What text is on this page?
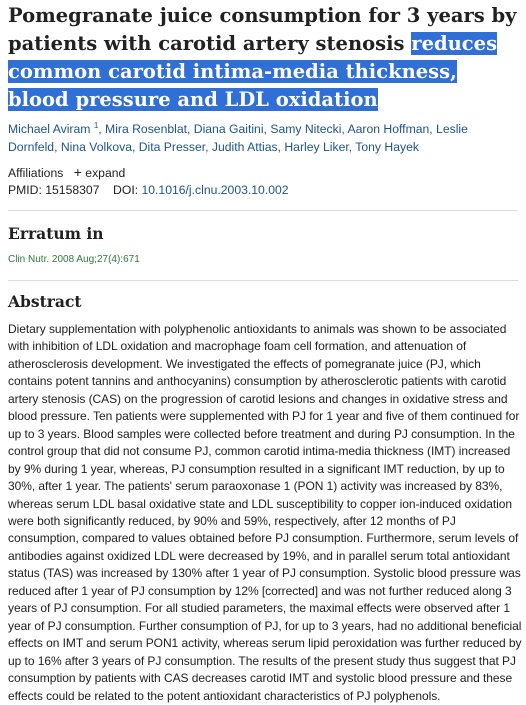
Pomegranate juice consumption for 3 years by patients with carotid artery stenosis reduces common carotid intima-media thickness, blood pressure and LDL oxidation
Michael Aviram $^1$, Mira Rosenblat, Diana Gaitini, Samy Nitecki, Aaron Hoffman, Leslie Dornfeld, Nina Volkova, Dita Presser, Judith Attias, Harley Liker, Tony Hayek
Affiliations + expand
PMID: 15158307 DOI: 10.1016/j.clnu.2003.10.002
Erratum in
Clin Nutr. 2008 Aug;27(4):671
Abstract

Dietary supplementation with polyphenolic antioxidants to animals was shown to be associated with inhibition of LDL oxidation and macrophage foam cell formation, and attenuation of atherosclerosis development. We investigated the effects of pomegranate juice (PJ, which contains potent tannins and anthocyanins) consumption by atherosclerotic patients with carotid artery stenosis (CAS) on the progression of carotid lesions and changes in oxidative stress and blood pressure. Ten patients were supplemented with PJ for 1 year and five of them continued for up to 3 years. Blood samples were collected before treatment and during PJ consumption. In the control group that did not consume PJ, common carotid intima-media thickness (IMT) increased by 9% during 1 year, whereas, PJ consumption resulted in a significant IMT reduction, by up to 30%, after 1 year. The patients' serum paraoxonase 1 (PON 1) activity was increased by 83%, whereas serum LDL basal oxidative state and LDL susceptibility to copper ion-induced oxidation were both significantly reduced, by 90% and 59%, respectively, after 12 months of PJ consumption, compared to values obtained before PJ consumption. Furthermore, serum levels of antibodies against oxidized LDL were decreased by 19%, and in parallel serum total antioxidant status (TAS) was increased by 130% after 1 year of PJ consumption. Systolic blood pressure was reduced after 1 year of PJ consumption by 12% [corrected] and was not further reduced along 3 years of PJ consumption. For all studied parameters, the maximal effects were observed after 1 year of PJ consumption. Further consumption of PJ, for up to 3 years, had no additional beneficial effects on IMT and serum PON1 activity, whereas serum lipid peroxidation was further reduced by up to 16% after 3 years of PJ consumption. The results of the present study thus suggest that PJ consumption by patients with CAS decreases carotid IMT and systolic blood pressure and these effects could be related to the potent antioxidant characteristics of PJ polyphenols.
